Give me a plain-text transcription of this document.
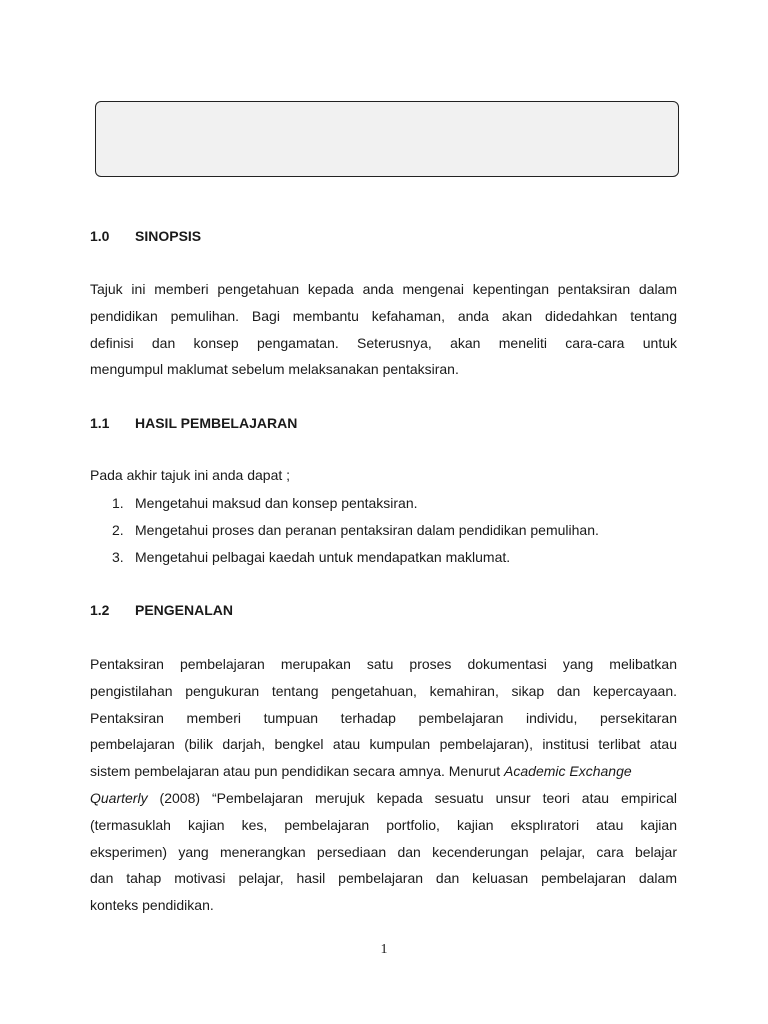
1.0 SINOPSIS
Tajuk ini memberi pengetahuan kepada anda mengenai kepentingan pentaksiran dalam
pendidikan pemulihan. Bagi membantu kefahaman, anda akan didedahkan tentang
definisi dan konsep pengamatan. Seterusnya, akan meneliti cara-cara untuk
mengumpul maklumat sebelum melaksanakan pentaksiran.
1.1 HASIL PEMBELAJARAN
Pada akhir tajuk ini anda dapat ;
1. Mengetahui maksud dan konsep pentaksiran.
2. Mengetahui proses dan peranan pentaksiran dalam pendidikan pemulihan.
3. Mengetahui pelbagai kaedah untuk mendapatkan maklumat.
1.2 PENGENALAN
Pentaksiran pembelajaran merupakan satu proses dokumentasi yang melibatkan
pengistilahan pengukuran tentang pengetahuan, kemahiran, sikap dan kepercayaan.
Pentaksiran memberi tumpuan terhadap pembelajaran individu, persekitaran
pembelajaran (bilik darjah, bengkel atau kumpulan pembelajaran), institusi terlibat atau
sistem pembelajaran atau pun pendidikan secara amnya. Menurut Academic Exchange
Quarterly (2008) “Pembelajaran merujuk kepada sesuatu unsur teori atau empirical
(termasuklah kajian kes, pembelajaran portfolio, kajian eksplıratori atau kajian
eksperimen) yang menerangkan persediaan dan kecenderungan pelajar, cara belajar
dan tahap motivasi pelajar, hasil pembelajaran dan keluasan pembelajaran dalam
konteks pendidikan.
1
